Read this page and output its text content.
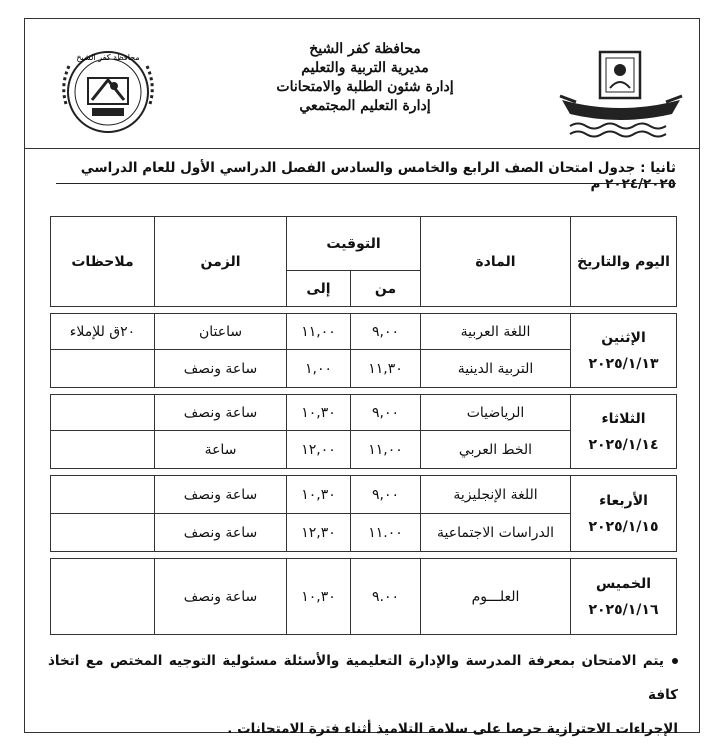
محافظة كفر الشيخ
محافظة كفر الشيخ
مديرية التربية والتعليم
إدارة شئون الطلبة والامتحانات
إدارة التعليم المجتمعي
ثانيا : جدول امتحان الصف الرابع والخامس والسادس الفصل الدراسي الأول للعام الدراسي ٢٠٢٤/٢٠٢٥ م
اليوم والتاريخ	المادة	التوقيت		الزمن	ملاحظات
		من	إلى		

الإثنين
٢٠٢٥/١/١٣	اللغة العربية	٩,٠٠	١١,٠٠	ساعتان	٢٠ق للإملاء
	التربية الدينية	١١,٣٠	١,٠٠	ساعة ونصف	

الثلاثاء
٢٠٢٥/١/١٤	الرياضيات	٩,٠٠	١٠,٣٠	ساعة ونصف	
	الخط العربي	١١,٠٠	١٢,٠٠	ساعة	

الأربعاء
٢٠٢٥/١/١٥	اللغة الإنجليزية	٩,٠٠	١٠,٣٠	ساعة ونصف	
	الدراسات الاجتماعية	١١.٠٠	١٢,٣٠	ساعة ونصف	

الخميس
٢٠٢٥/١/١٦	العلـــوم	٩.٠٠	١٠,٣٠	ساعة ونصف	
يتم الامتحان بمعرفة المدرسة والإدارة التعليمية والأسئلة مسئولية التوجيه المختص مع اتخاذ كافة
الإجراءات الاحترازية حرصا على سلامة التلاميذ أثناء فترة الامتحانات .
